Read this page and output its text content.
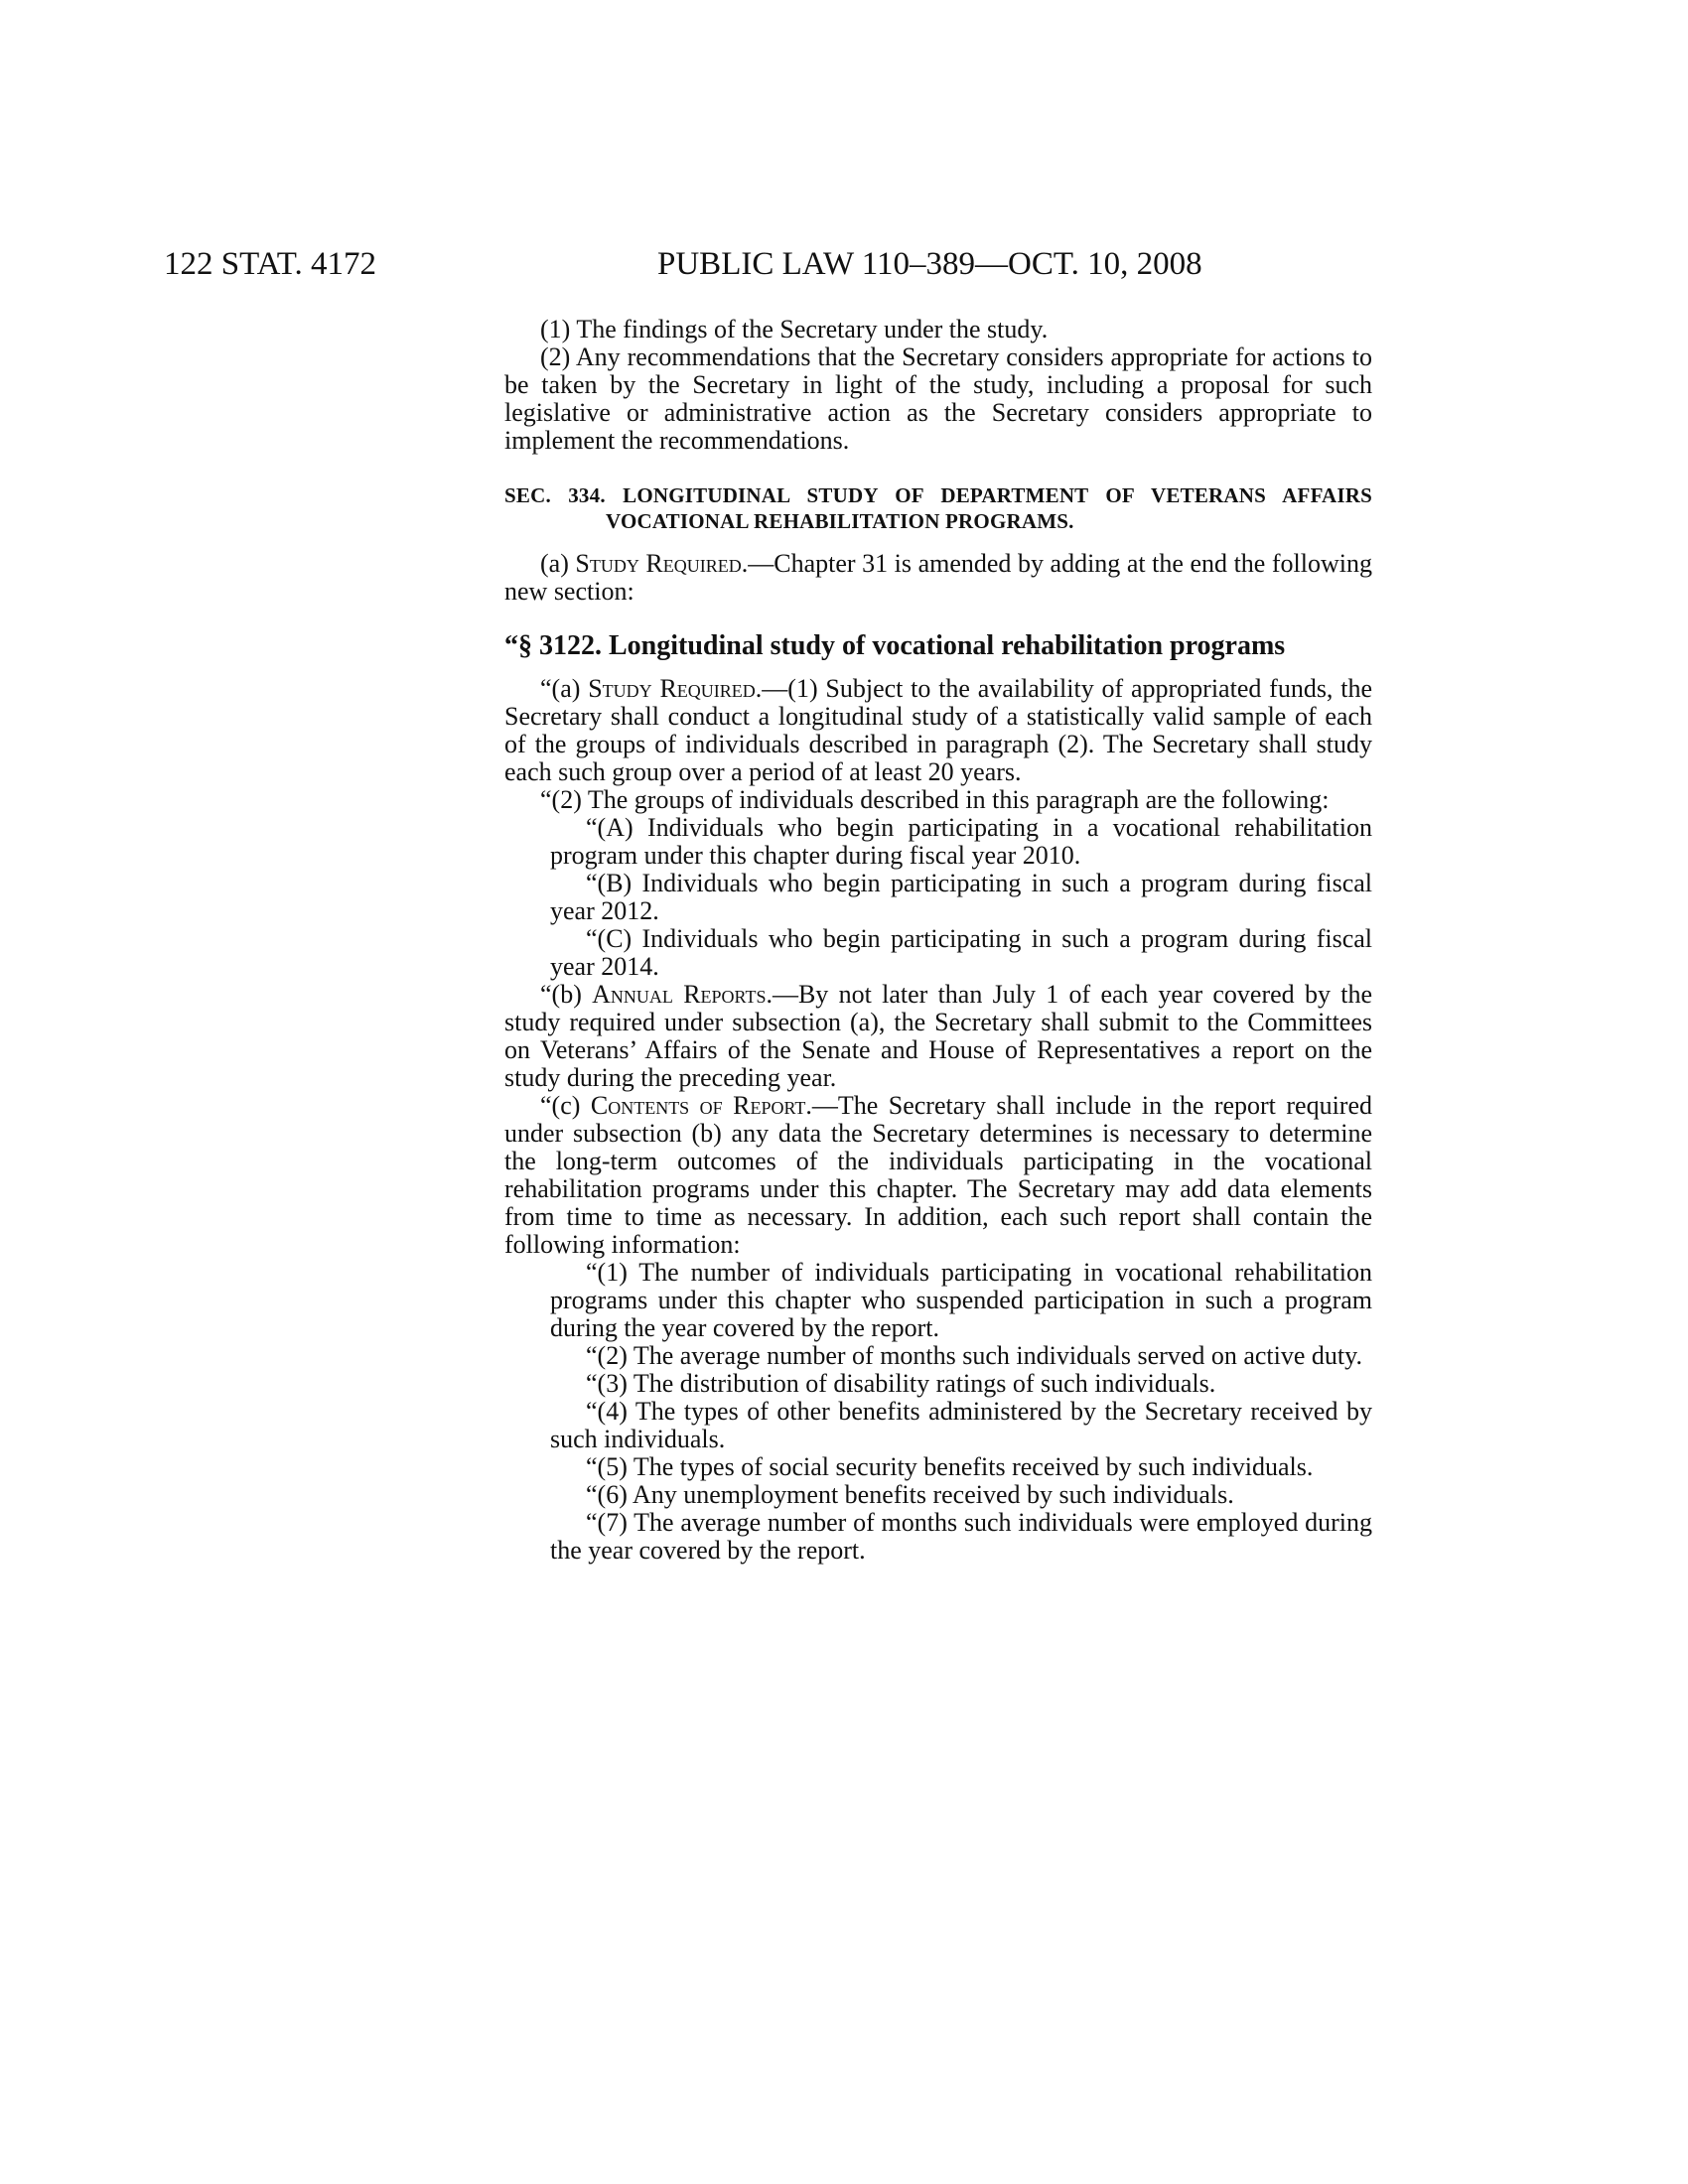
122 STAT. 4172	PUBLIC LAW 110–389—OCT. 10, 2008

(1) The findings of the Secretary under the study.

(2) Any recommendations that the Secretary considers appropriate for actions to be taken by the Secretary in light of the study, including a proposal for such legislative or administrative action as the Secretary considers appropriate to implement the recommendations.

SEC. 334. LONGITUDINAL STUDY OF DEPARTMENT OF VETERANS AFFAIRS VOCATIONAL REHABILITATION PROGRAMS.

(a) Study Required.—Chapter 31 is amended by adding at the end the following new section:

“§ 3122. Longitudinal study of vocational rehabilitation programs

“(a) Study Required.—(1) Subject to the availability of appropriated funds, the Secretary shall conduct a longitudinal study of a statistically valid sample of each of the groups of individuals described in paragraph (2). The Secretary shall study each such group over a period of at least 20 years.

“(2) The groups of individuals described in this paragraph are the following:

“(A) Individuals who begin participating in a vocational rehabilitation program under this chapter during fiscal year 2010.

“(B) Individuals who begin participating in such a program during fiscal year 2012.

“(C) Individuals who begin participating in such a program during fiscal year 2014.

“(b) Annual Reports.—By not later than July 1 of each year covered by the study required under subsection (a), the Secretary shall submit to the Committees on Veterans’ Affairs of the Senate and House of Representatives a report on the study during the preceding year.

“(c) Contents of Report.—The Secretary shall include in the report required under subsection (b) any data the Secretary determines is necessary to determine the long-term outcomes of the individuals participating in the vocational rehabilitation programs under this chapter. The Secretary may add data elements from time to time as necessary. In addition, each such report shall contain the following information:

“(1) The number of individuals participating in vocational rehabilitation programs under this chapter who suspended participation in such a program during the year covered by the report.

“(2) The average number of months such individuals served on active duty.

“(3) The distribution of disability ratings of such individuals.

“(4) The types of other benefits administered by the Secretary received by such individuals.

“(5) The types of social security benefits received by such individuals.

“(6) Any unemployment benefits received by such individuals.

“(7) The average number of months such individuals were employed during the year covered by the report.
